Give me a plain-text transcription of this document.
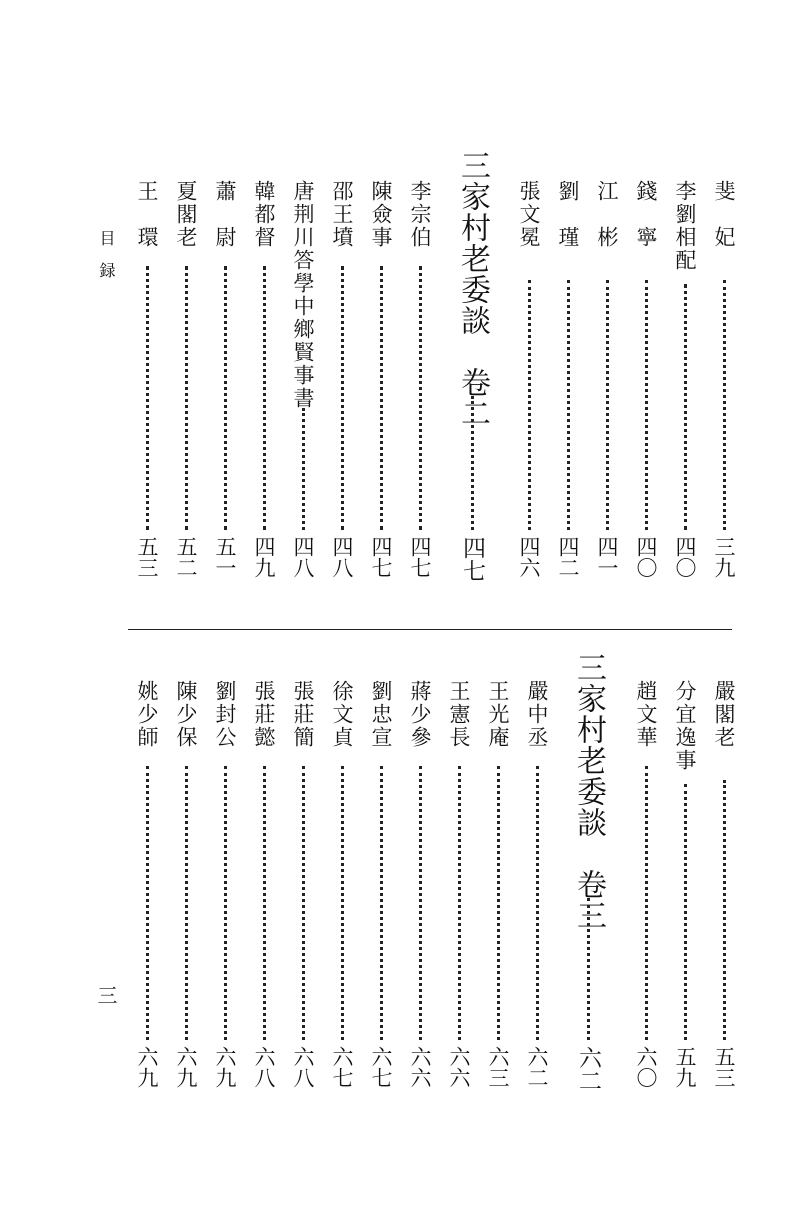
斐　妃
三九
李劉相配
四〇
錢　寧
四〇
江　彬
四一
劉　瑾
四二
張文冕
四六
三家村老委談　卷二
四七
李宗伯
四七
陳僉事
四七
邵王墳
四八
唐荆川答學中鄉賢事書
四八
韓都督
四九
蕭　尉
五一
夏閣老
五二
王　環
五三
嚴閣老
五三
分宜逸事
五九
趙文華
六〇
三家村老委談　卷三
六二
嚴中丞
六二
王光庵
六三
王憲長
六六
蔣少參
六六
劉忠宣
六七
徐文貞
六七
張莊簡
六八
張莊懿
六八
劉封公
六九
陳少保
六九
姚少師
六九
目　録
三
